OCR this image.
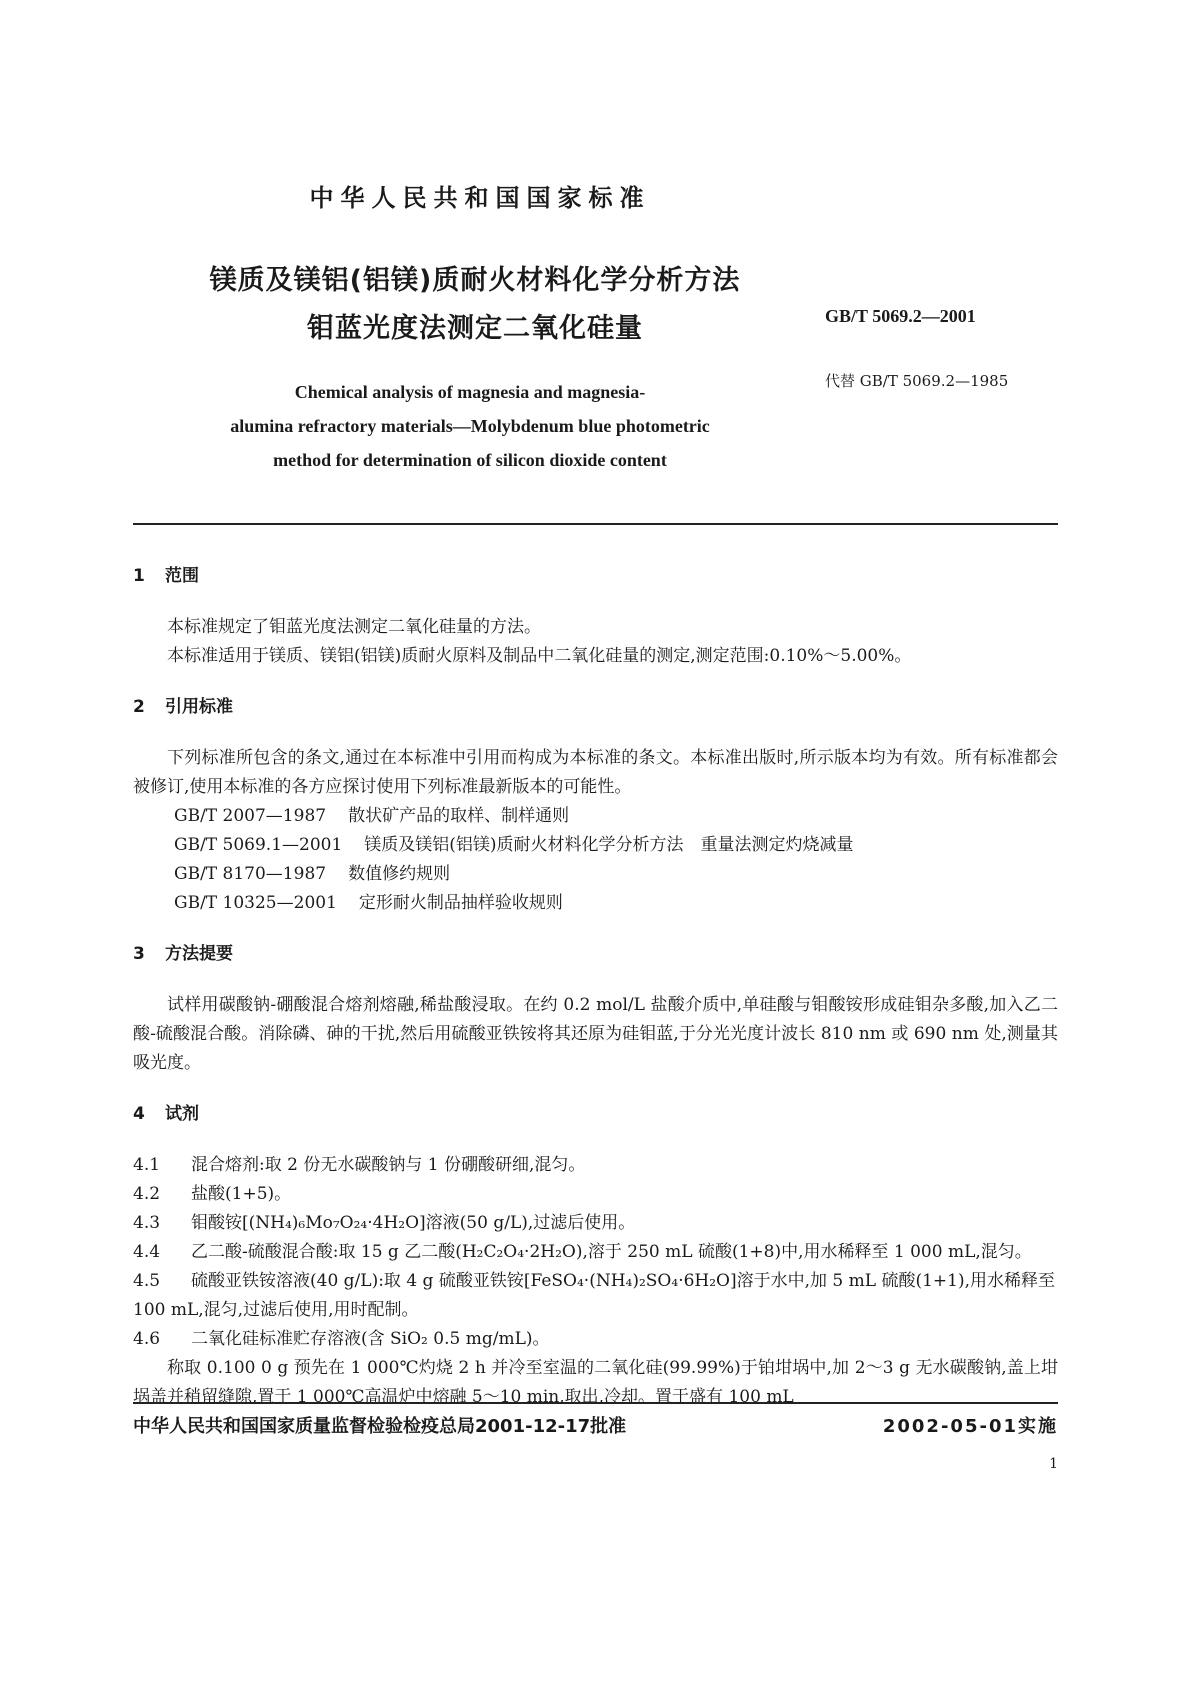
中华人民共和国国家标准
镁质及镁铝(铝镁)质耐火材料化学分析方法
钼蓝光度法测定二氧化硅量	GB/T 5069.2—2001
代替 GB/T 5069.2—1985
Chemical analysis of magnesia and magnesia-
alumina refractory materials—Molybdenum blue photometric
method for determination of silicon dioxide content
1 范围

本标准规定了钼蓝光度法测定二氧化硅量的方法。

本标准适用于镁质、镁铝(铝镁)质耐火原料及制品中二氧化硅量的测定,测定范围:0.10%～5.00%。

2 引用标准

下列标准所包含的条文,通过在本标准中引用而构成为本标准的条文。本标准出版时,所示版本均为有效。所有标准都会被修订,使用本标准的各方应探讨使用下列标准最新版本的可能性。

GB/T 2007—1987 散状矿产品的取样、制样通则

GB/T 5069.1—2001 镁质及镁铝(铝镁)质耐火材料化学分析方法　重量法测定灼烧减量

GB/T 8170—1987 数值修约规则

GB/T 10325—2001 定形耐火制品抽样验收规则

3 方法提要

试样用碳酸钠-硼酸混合熔剂熔融,稀盐酸浸取。在约 0.2 mol/L 盐酸介质中,单硅酸与钼酸铵形成硅钼杂多酸,加入乙二酸-硫酸混合酸。消除磷、砷的干扰,然后用硫酸亚铁铵将其还原为硅钼蓝,于分光光度计波长 810 nm 或 690 nm 处,测量其吸光度。

4 试剂

4.1 混合熔剂:取 2 份无水碳酸钠与 1 份硼酸研细,混匀。

4.2 盐酸(1+5)。

4.3 钼酸铵[(NH₄)₆Mo₇O₂₄·4H₂O]溶液(50 g/L),过滤后使用。

4.4 乙二酸-硫酸混合酸:取 15 g 乙二酸(H₂C₂O₄·2H₂O),溶于 250 mL 硫酸(1+8)中,用水稀释至 1 000 mL,混匀。

4.5 硫酸亚铁铵溶液(40 g/L):取 4 g 硫酸亚铁铵[FeSO₄·(NH₄)₂SO₄·6H₂O]溶于水中,加 5 mL 硫酸(1+1),用水稀释至 100 mL,混匀,过滤后使用,用时配制。

4.6 二氧化硅标准贮存溶液(含 SiO₂ 0.5 mg/mL)。

称取 0.100 0 g 预先在 1 000℃灼烧 2 h 并冷至室温的二氧化硅(99.99%)于铂坩埚中,加 2～3 g 无水碳酸钠,盖上坩埚盖并稍留缝隙,置于 1 000℃高温炉中熔融 5～10 min,取出,冷却。置于盛有 100 mL

中华人民共和国国家质量监督检验检疫总局2001-12-17批准	2002-05-01实施
1
